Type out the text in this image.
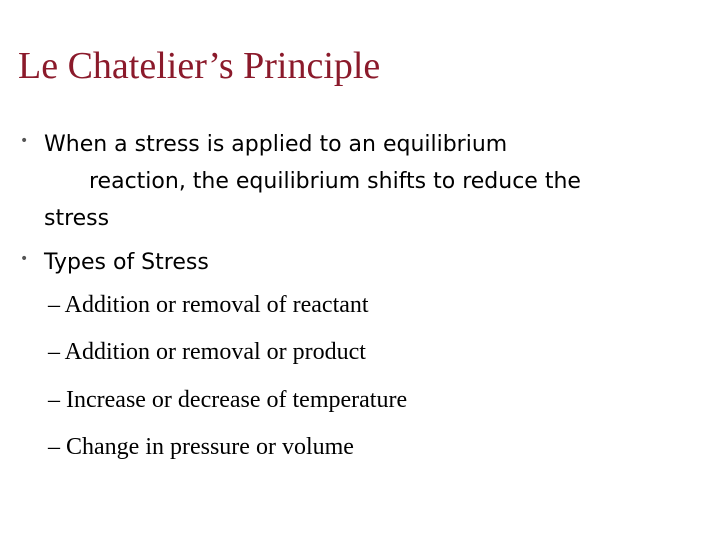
Le Chatelier’s Principle
• When a stress is applied to an equilibrium
reaction, the equilibrium shifts to reduce the
stress
• Types of Stress
– Addition or removal of reactant
– Addition or removal or product
– Increase or decrease of temperature
– Change in pressure or volume
